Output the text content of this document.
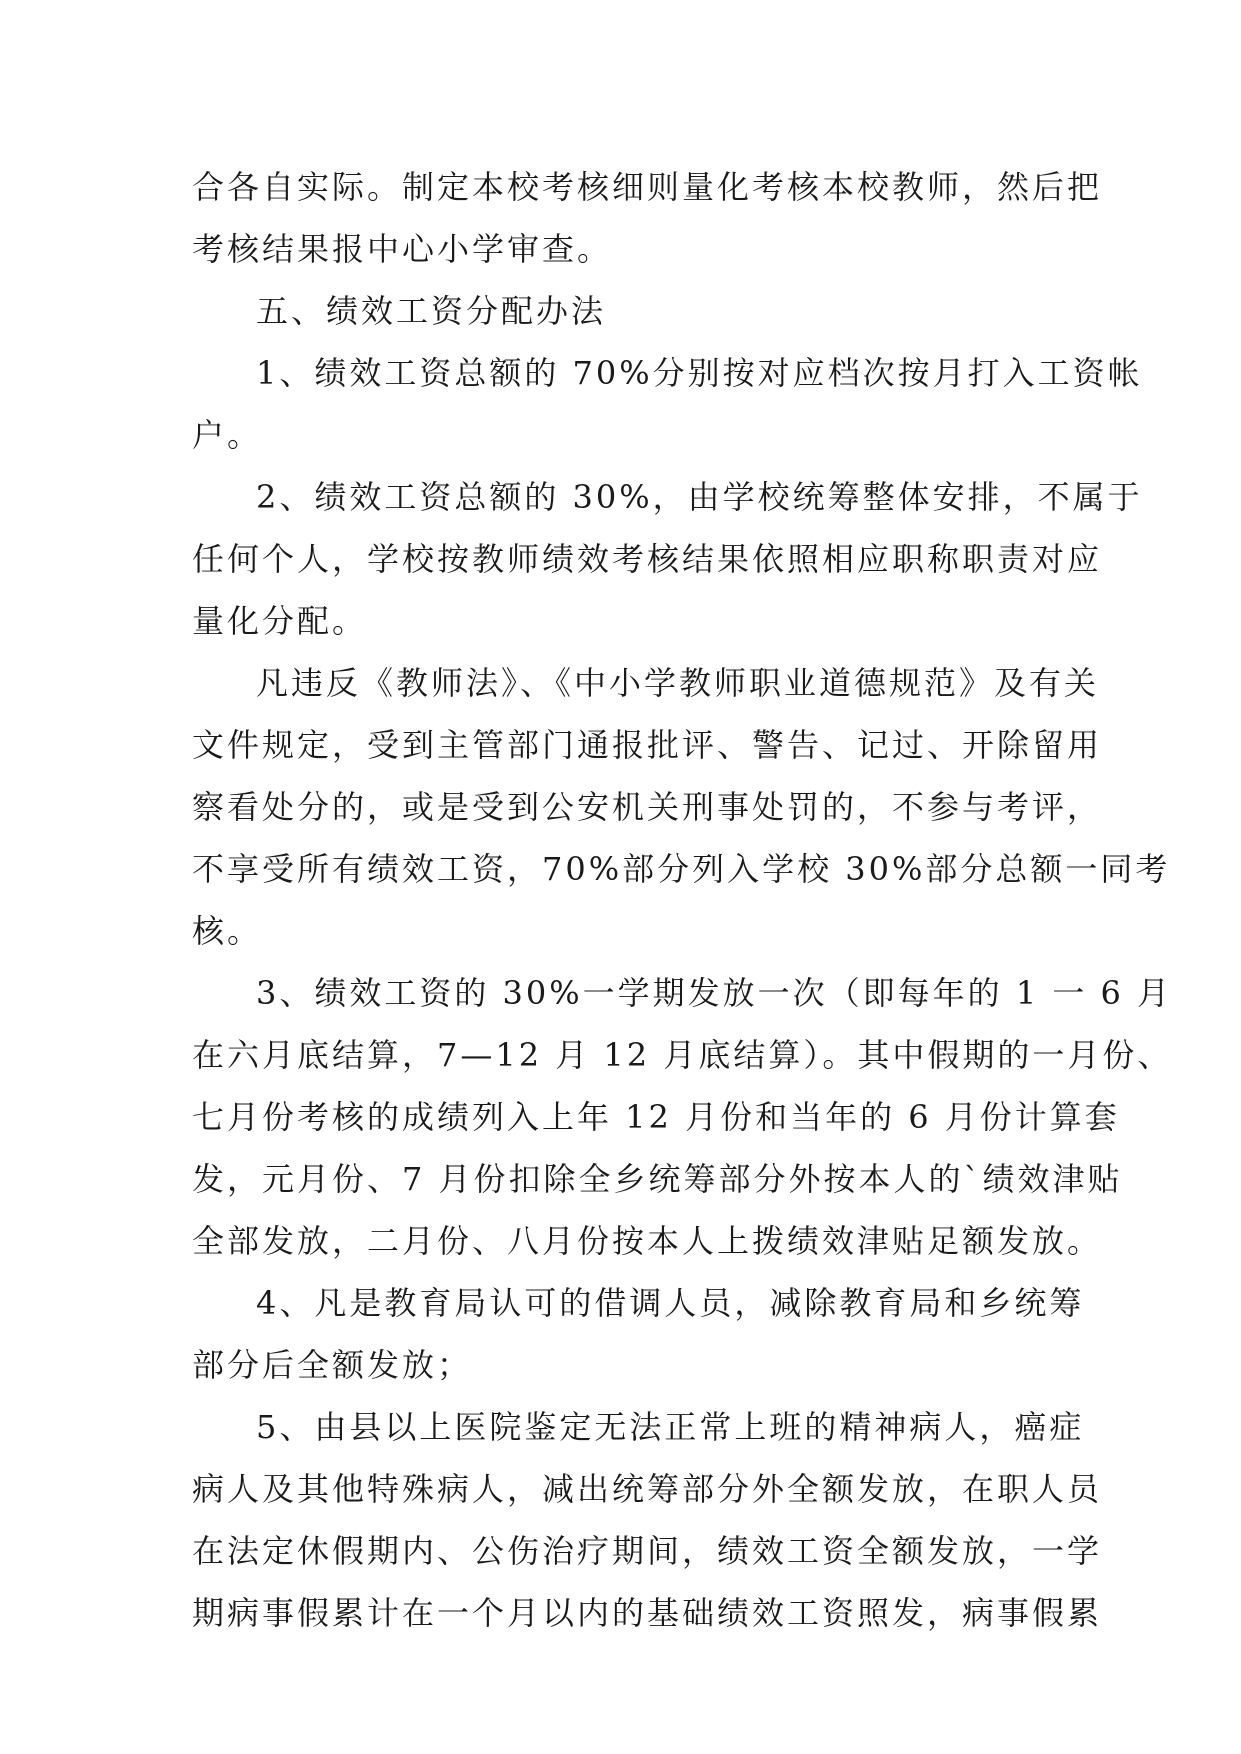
合各自实际。制定本校考核细则量化考核本校教师，然后把
考核结果报中心小学审查。
五、绩效工资分配办法
1、绩效工资总额的 70%分别按对应档次按月打入工资帐
户。
2、绩效工资总额的 30%，由学校统筹整体安排，不属于
任何个人，学校按教师绩效考核结果依照相应职称职责对应
量化分配。
凡违反《教师法》、《中小学教师职业道德规范》及有关
文件规定，受到主管部门通报批评、警告、记过、开除留用
察看处分的，或是受到公安机关刑事处罚的，不参与考评，
不享受所有绩效工资，70%部分列入学校 30%部分总额一同考
核。
3、绩效工资的 30%一学期发放一次（即每年的 1 一 6 月
在六月底结算，7—12 月 12 月底结算）。其中假期的一月份、
七月份考核的成绩列入上年 12 月份和当年的 6 月份计算套
发，元月份、7 月份扣除全乡统筹部分外按本人的`绩效津贴
全部发放，二月份、八月份按本人上拨绩效津贴足额发放。
4、凡是教育局认可的借调人员，减除教育局和乡统筹
部分后全额发放；
5、由县以上医院鉴定无法正常上班的精神病人，癌症
病人及其他特殊病人，减出统筹部分外全额发放，在职人员
在法定休假期内、公伤治疗期间，绩效工资全额发放，一学
期病事假累计在一个月以内的基础绩效工资照发，病事假累
